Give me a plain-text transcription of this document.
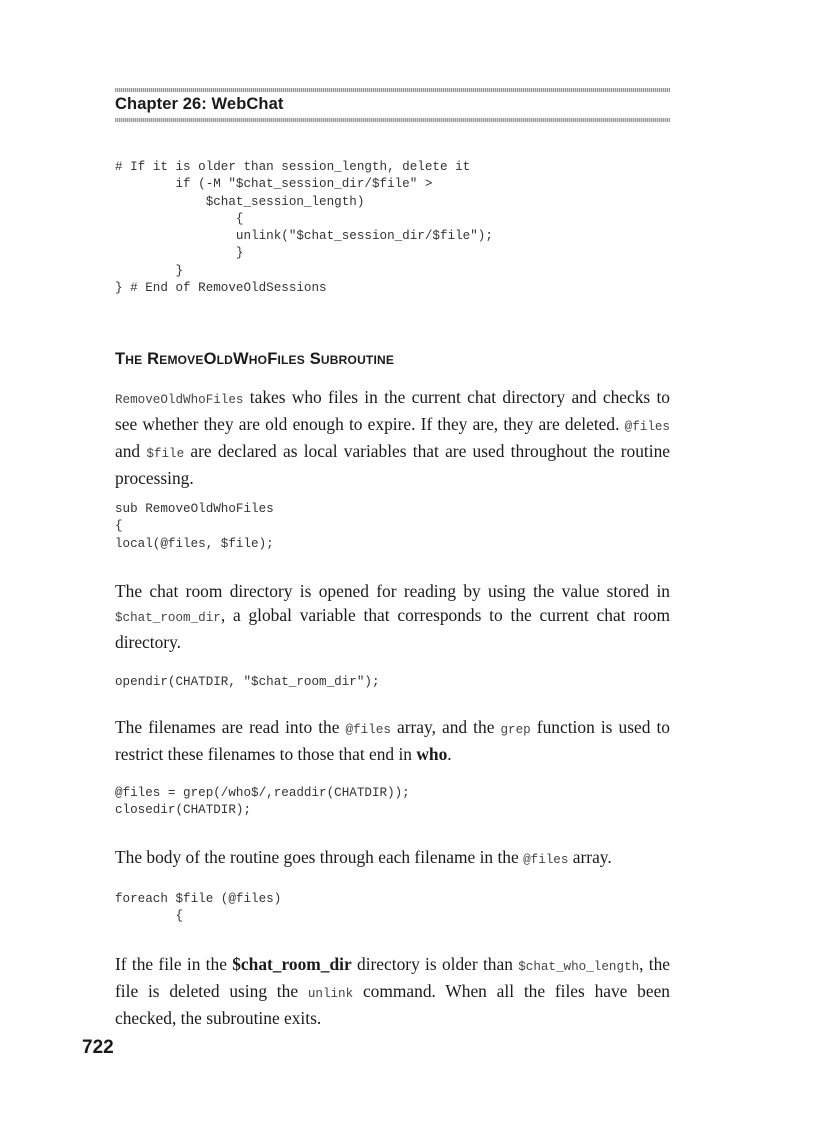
Chapter 26: WebChat
# If it is older than session_length, delete it
if (-M "$chat_session_dir/$file" >
$chat_session_length)
{
unlink("$chat_session_dir/$file");
}
}
} # End of RemoveOldSessions
The RemoveOldWhoFiles Subroutine

RemoveOldWhoFiles takes who files in the current chat directory and checks to see whether they are old enough to expire. If they are, they are deleted. @files and $file are declared as local variables that are used throughout the routine processing.

sub RemoveOldWhoFiles
{
local(@files, $file);

The chat room directory is opened for reading by using the value stored in $chat_room_dir, a global variable that corresponds to the current chat room directory.

opendir(CHATDIR, "$chat_room_dir");

The filenames are read into the @files array, and the grep function is used to restrict these filenames to those that end in who.

@files = grep(/who$/,readdir(CHATDIR));
closedir(CHATDIR);

The body of the routine goes through each filename in the @files array.

foreach $file (@files)
{

If the file in the $chat_room_dir directory is older than $chat_who_length, the file is deleted using the unlink command. When all the files have been checked, the subroutine exits.

722
